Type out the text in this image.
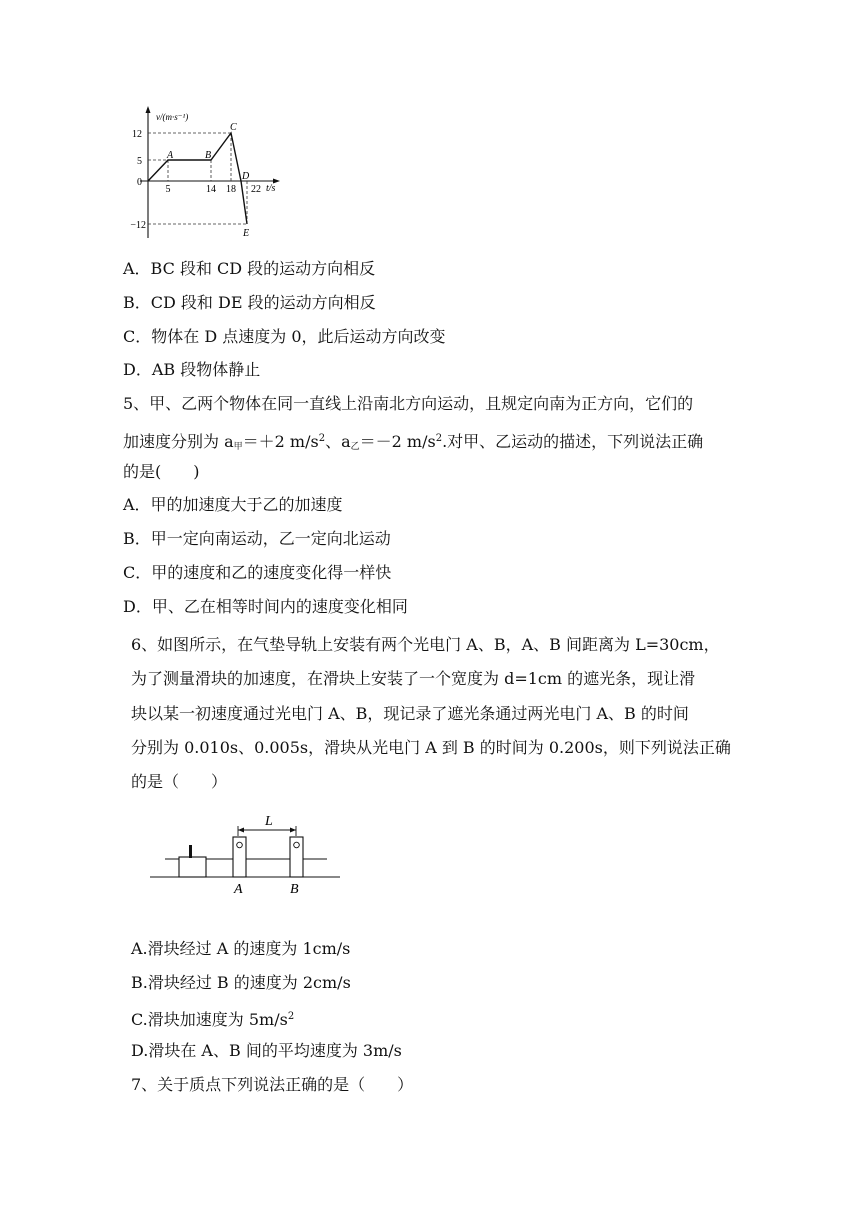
v/(m·s⁻¹)
t/s
12
5
0
−12
5	14 18 22
A	B
C
D
E
A．BC 段和 CD 段的运动方向相反
B．CD 段和 DE 段的运动方向相反
C．物体在 D 点速度为 0，此后运动方向改变
D．AB 段物体静止
5、甲、乙两个物体在同一直线上沿南北方向运动，且规定向南为正方向，它们的
加速度分别为 $a_甲=+2$ $m/s^2$、$a_乙=-2$ $m/s^2$.对甲、乙运动的描述，下列说法正确
的是(　　)
A．甲的加速度大于乙的加速度
B．甲一定向南运动，乙一定向北运动
C．甲的速度和乙的速度变化得一样快
D．甲、乙在相等时间内的速度变化相同
6、如图所示，在气垫导轨上安装有两个光电门 A、B，A、B 间距离为 L=30cm，
为了测量滑块的加速度，在滑块上安装了一个宽度为 d=1cm 的遮光条，现让滑
块以某一初速度通过光电门 A、B，现记录了遮光条通过两光电门 A、B 的时间
分别为 0.010s、0.005s，滑块从光电门 A 到 B 的时间为 0.200s，则下列说法正确
的是（　　）
L
A	B
A.滑块经过 A 的速度为 1cm/s
B.滑块经过 B 的速度为 2cm/s
C.滑块加速度为 $5m/s^2$
D.滑块在 A、B 间的平均速度为 3m/s
7、关于质点下列说法正确的是（　　）
